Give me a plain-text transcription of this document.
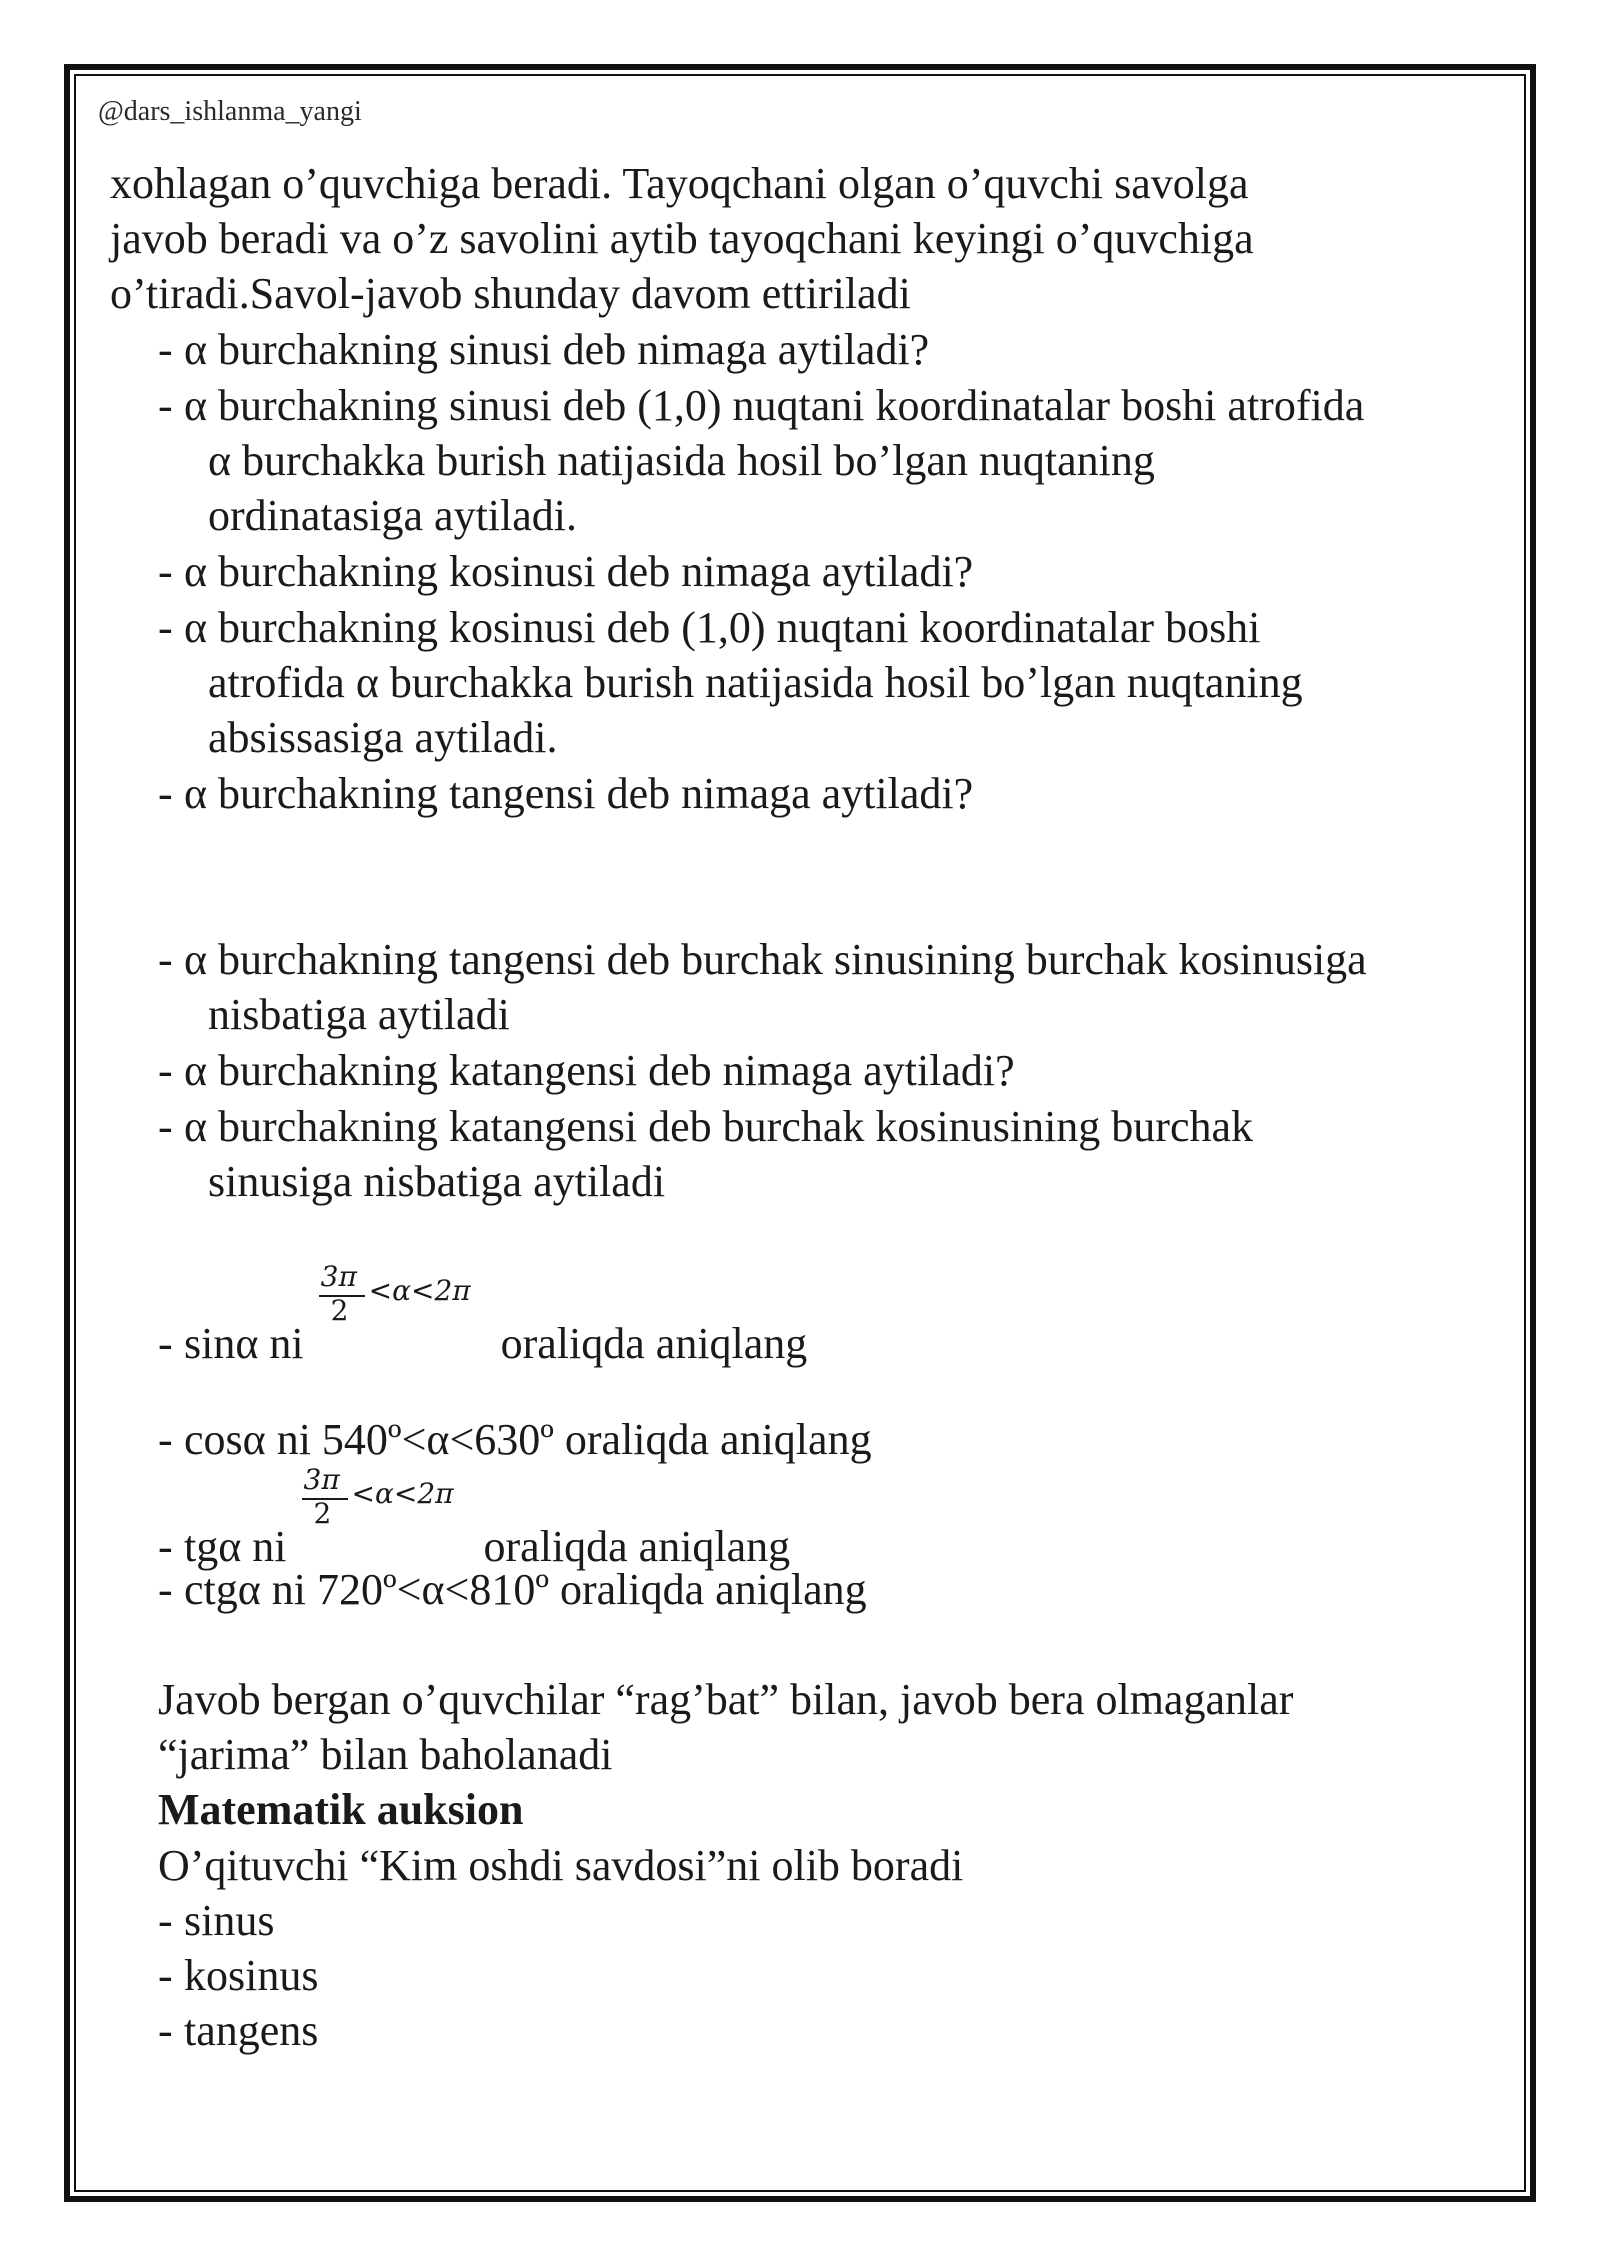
@dars_ishlanma_yangi
xohlagan o’quvchiga beradi. Tayoqchani olgan o’quvchi savolga
javob beradi va o’z savolini aytib tayoqchani keyingi o’quvchiga
o’tiradi.Savol-javob shunday davom ettiriladi
- α burchakning sinusi deb nimaga aytiladi?
- α burchakning sinusi deb (1,0) nuqtani koordinatalar boshi atrofida
α burchakka burish natijasida hosil bo’lgan nuqtaning
ordinatasiga aytiladi.
- α burchakning kosinusi deb nimaga aytiladi?
- α burchakning kosinusi deb (1,0) nuqtani koordinatalar boshi
atrofida α burchakka burish natijasida hosil bo’lgan nuqtaning
absissasiga aytiladi.
- α burchakning tangensi deb nimaga aytiladi?
- α burchakning tangensi deb burchak sinusining burchak kosinusiga
nisbatiga aytiladi
- α burchakning katangensi deb nimaga aytiladi?
- α burchakning katangensi deb burchak kosinusining burchak
sinusiga nisbatiga aytiladi
- sinα ni
3π
2
<α<2π
oraliqda aniqlang
- cosα ni 540º<α<630º oraliqda aniqlang
- tgα ni
3π
2
<α<2π
oraliqda aniqlang
- ctgα ni 720º<α<810º oraliqda aniqlang
Javob bergan o’quvchilar “rag’bat” bilan, javob bera olmaganlar
“jarima” bilan baholanadi
Matematik auksion
O’qituvchi “Kim oshdi savdosi”ni olib boradi
- sinus
- kosinus
- tangens
